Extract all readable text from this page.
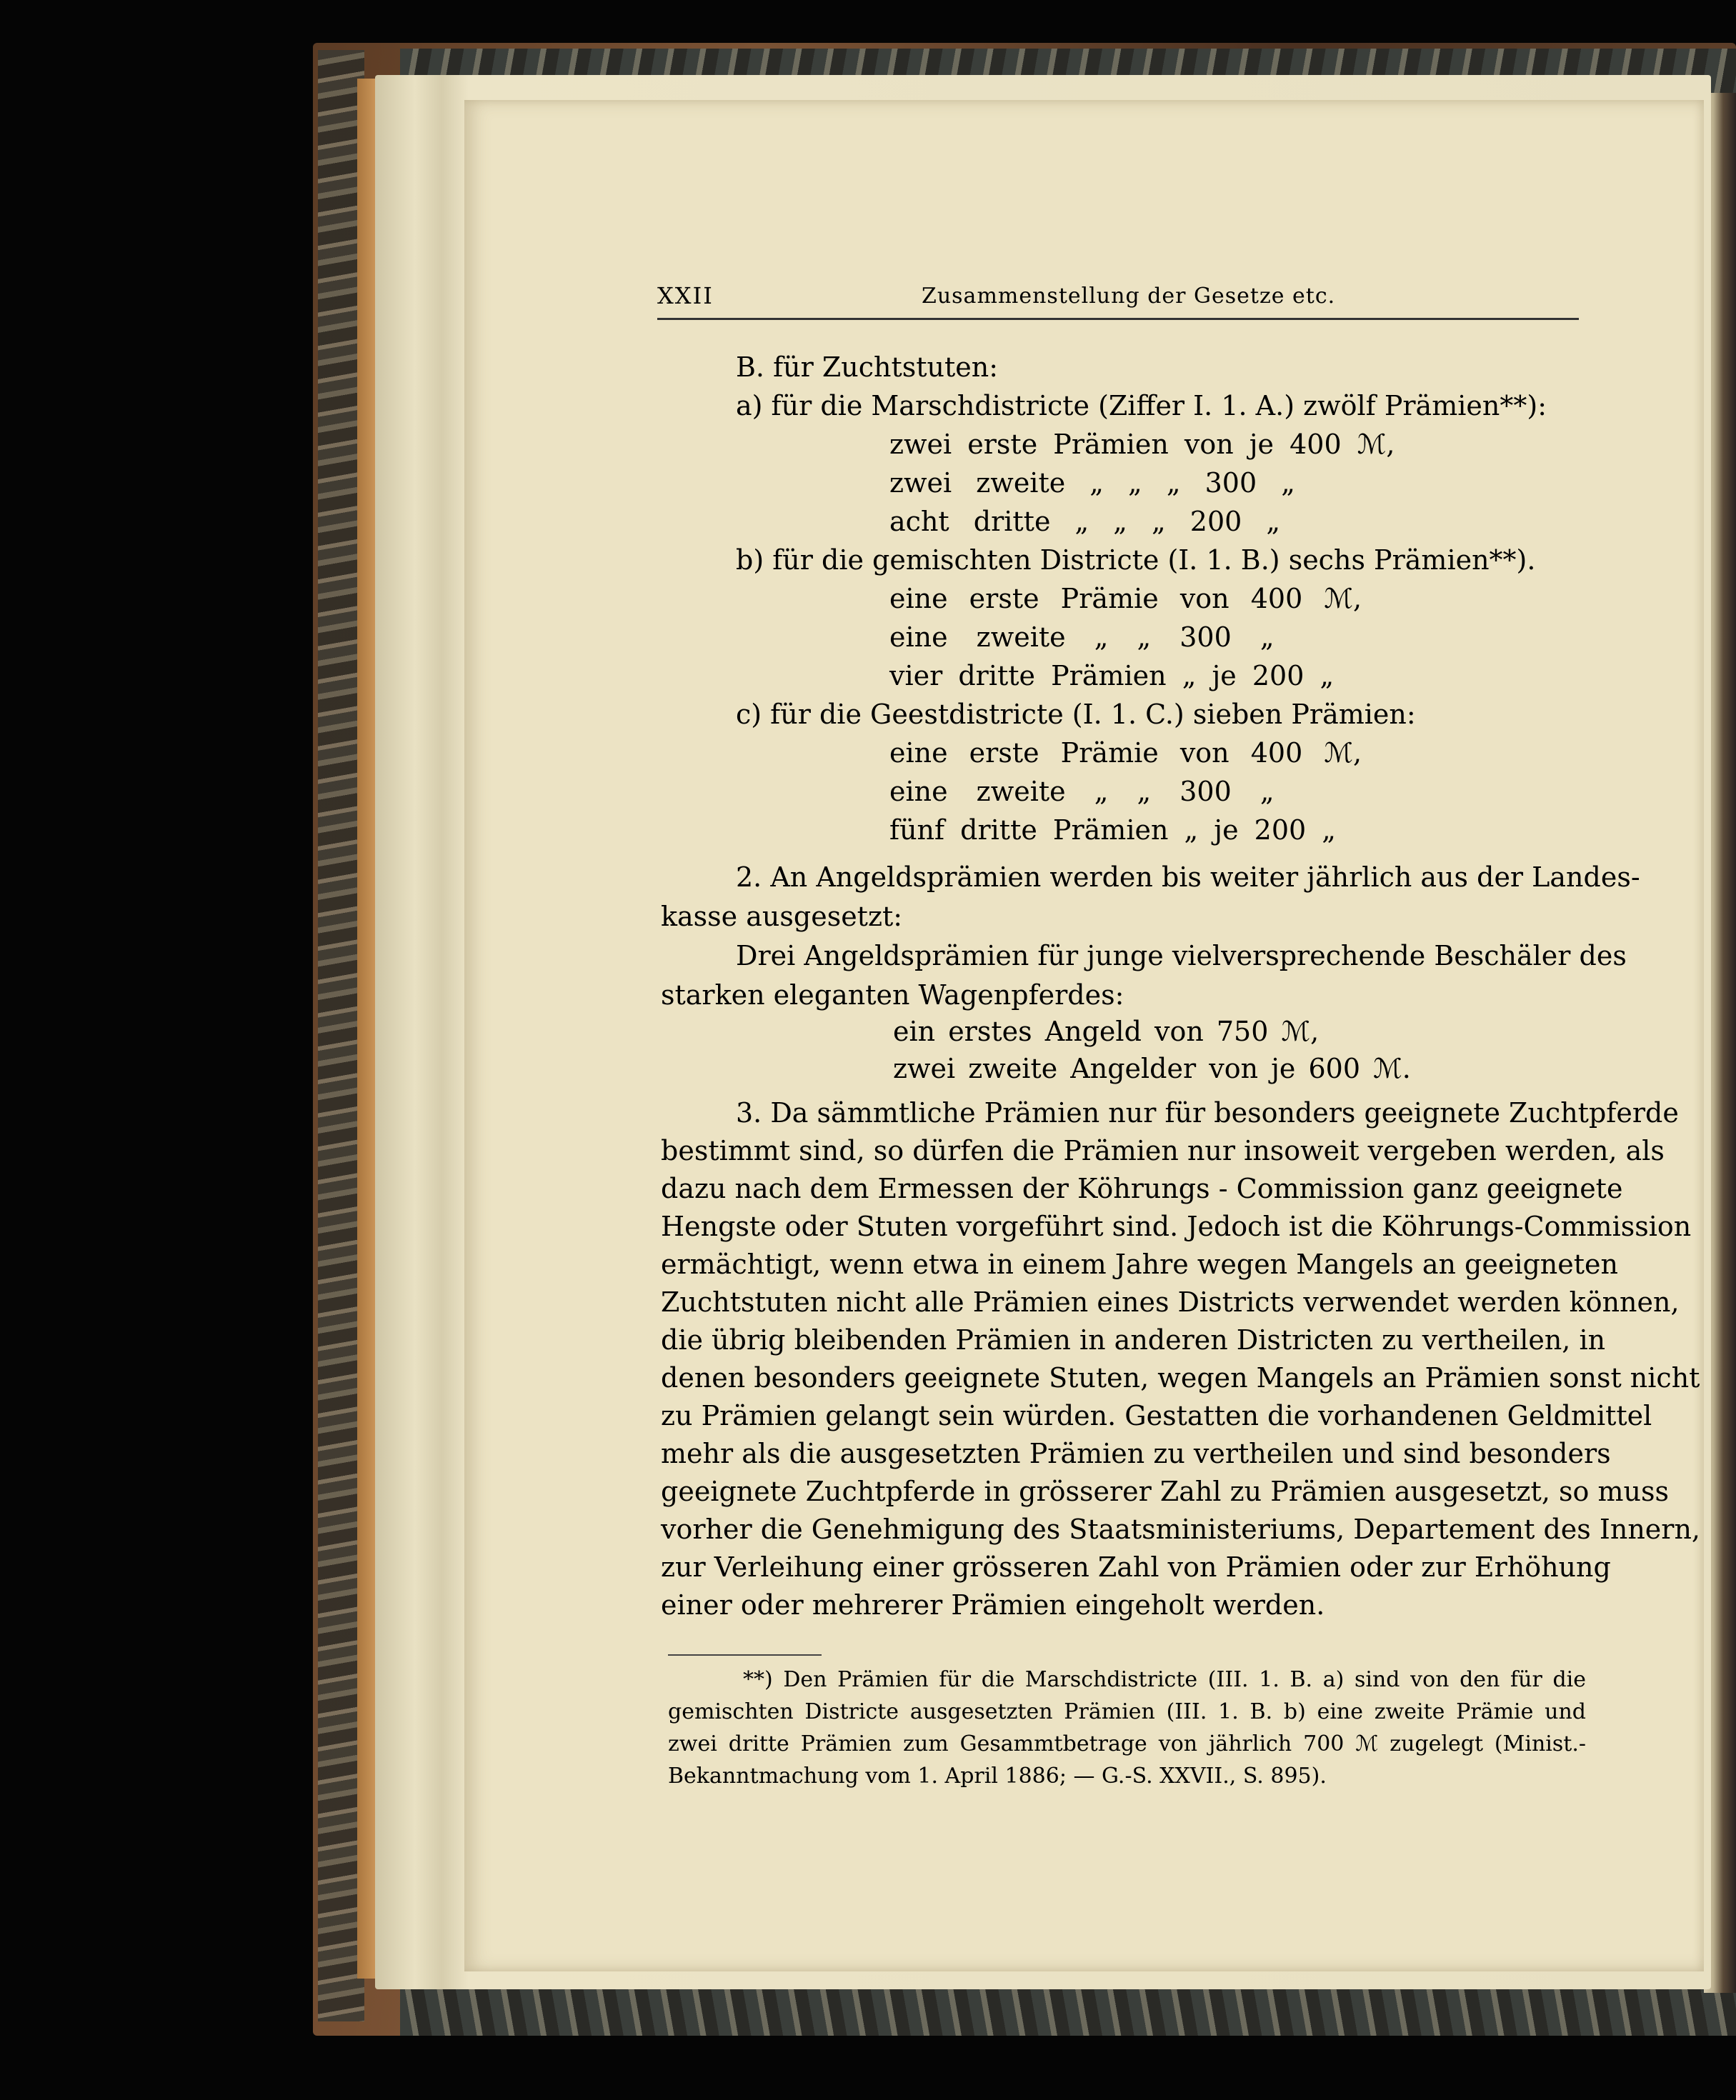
XXII	Zusammenstellung der Gesetze etc.
B. für Zuchtstuten:
a) für die Marschdistricte (Ziffer I. 1. A.) zwölf Prämien**):
zwei erste Prämien von je 400 ℳ,
zwei zweite „ „ „ 300 „
acht dritte „ „ „ 200 „
b) für die gemischten Districte (I. 1. B.) sechs Prämien**).
eine erste Prämie von 400 ℳ,
eine zweite „ „ 300 „
vier dritte Prämien „ je 200 „
c) für die Geestdistricte (I. 1. C.) sieben Prämien:
eine erste Prämie von 400 ℳ,
eine zweite „ „ 300 „
fünf dritte Prämien „ je 200 „
2. An Angeldsprämien werden bis weiter jährlich aus der Landes-
kasse ausgesetzt:
Drei Angeldsprämien für junge vielversprechende Beschäler des
starken eleganten Wagenpferdes:
ein erstes Angeld von 750 ℳ,
zwei zweite Angelder von je 600 ℳ.
3. Da sämmtliche Prämien nur für besonders geeignete Zuchtpferde
bestimmt sind, so dürfen die Prämien nur insoweit vergeben werden, als
dazu nach dem Ermessen der Köhrungs - Commission ganz geeignete
Hengste oder Stuten vorgeführt sind. Jedoch ist die Köhrungs-Commission
ermächtigt, wenn etwa in einem Jahre wegen Mangels an geeigneten
Zuchtstuten nicht alle Prämien eines Districts verwendet werden können,
die übrig bleibenden Prämien in anderen Districten zu vertheilen, in
denen besonders geeignete Stuten, wegen Mangels an Prämien sonst nicht
zu Prämien gelangt sein würden. Gestatten die vorhandenen Geldmittel
mehr als die ausgesetzten Prämien zu vertheilen und sind besonders
geeignete Zuchtpferde in grösserer Zahl zu Prämien ausgesetzt, so muss
vorher die Genehmigung des Staatsministeriums, Departement des Innern,
zur Verleihung einer grösseren Zahl von Prämien oder zur Erhöhung
einer oder mehrerer Prämien eingeholt werden.
**) Den Prämien für die Marschdistricte (III. 1. B. a) sind von den für die
gemischten Districte ausgesetzten Prämien (III. 1. B. b) eine zweite Prämie und
zwei dritte Prämien zum Gesammtbetrage von jährlich 700 ℳ zugelegt (Minist.-
Bekanntmachung vom 1. April 1886; — G.-S. XXVII., S. 895).
